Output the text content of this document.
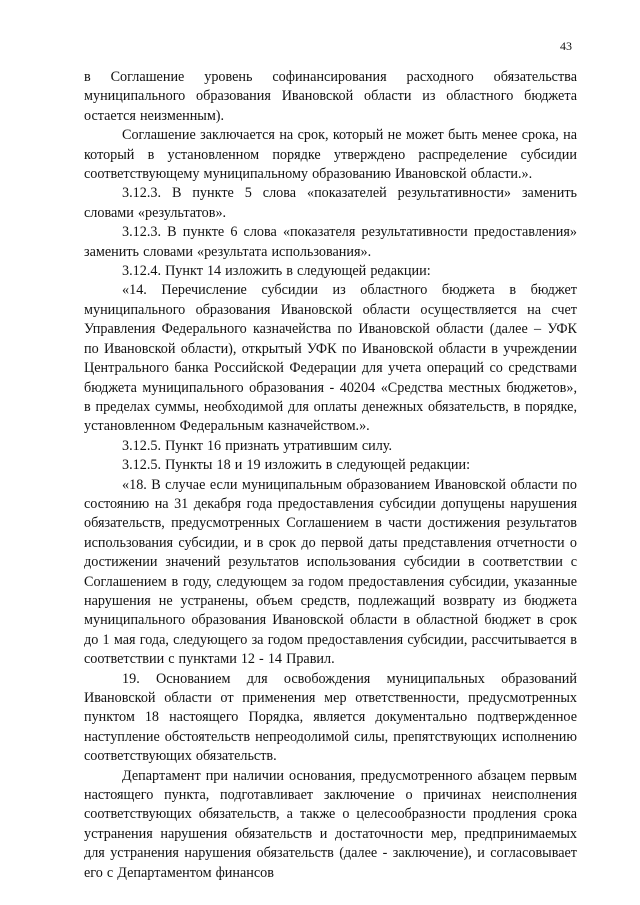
43

в Соглашение уровень софинансирования расходного обязательства муниципального образования Ивановской области из областного бюджета остается неизменным).

Соглашение заключается на срок, который не может быть менее срока, на который в установленном порядке утверждено распределение субсидии соответствующему муниципальному образованию Ивановской области.».

3.12.3. В пункте 5 слова «показателей результативности» заменить словами «результатов».

3.12.3. В пункте 6 слова «показателя результативности предоставления» заменить словами «результата использования».

3.12.4. Пункт 14 изложить в следующей редакции:

«14. Перечисление субсидии из областного бюджета в бюджет муниципального образования Ивановской области осуществляется на счет Управления Федерального казначейства по Ивановской области (далее – УФК по Ивановской области), открытый УФК по Ивановской области в учреждении Центрального банка Российской Федерации для учета операций со средствами бюджета муниципального образования - 40204 «Средства местных бюджетов», в пределах суммы, необходимой для оплаты денежных обязательств, в порядке, установленном Федеральным казначейством.».

3.12.5. Пункт 16 признать утратившим силу.

3.12.5. Пункты 18 и 19 изложить в следующей редакции:

«18. В случае если муниципальным образованием Ивановской области по состоянию на 31 декабря года предоставления субсидии допущены нарушения обязательств, предусмотренных Соглашением в части достижения результатов использования субсидии, и в срок до первой даты представления отчетности о достижении значений результатов использования субсидии в соответствии с Соглашением в году, следующем за годом предоставления субсидии, указанные нарушения не устранены, объем средств, подлежащий возврату из бюджета муниципального образования Ивановской области в областной бюджет в срок до 1 мая года, следующего за годом предоставления субсидии, рассчитывается в соответствии с пунктами 12 - 14 Правил.

19. Основанием для освобождения муниципальных образований Ивановской области от применения мер ответственности, предусмотренных пунктом 18 настоящего Порядка, является документально подтвержденное наступление обстоятельств непреодолимой силы, препятствующих исполнению соответствующих обязательств.

Департамент при наличии основания, предусмотренного абзацем первым настоящего пункта, подготавливает заключение о причинах неисполнения соответствующих обязательств, а также о целесообразности продления срока устранения нарушения обязательств и достаточности мер, предпринимаемых для устранения нарушения обязательств (далее - заключение), и согласовывает его с Департаментом финансов
